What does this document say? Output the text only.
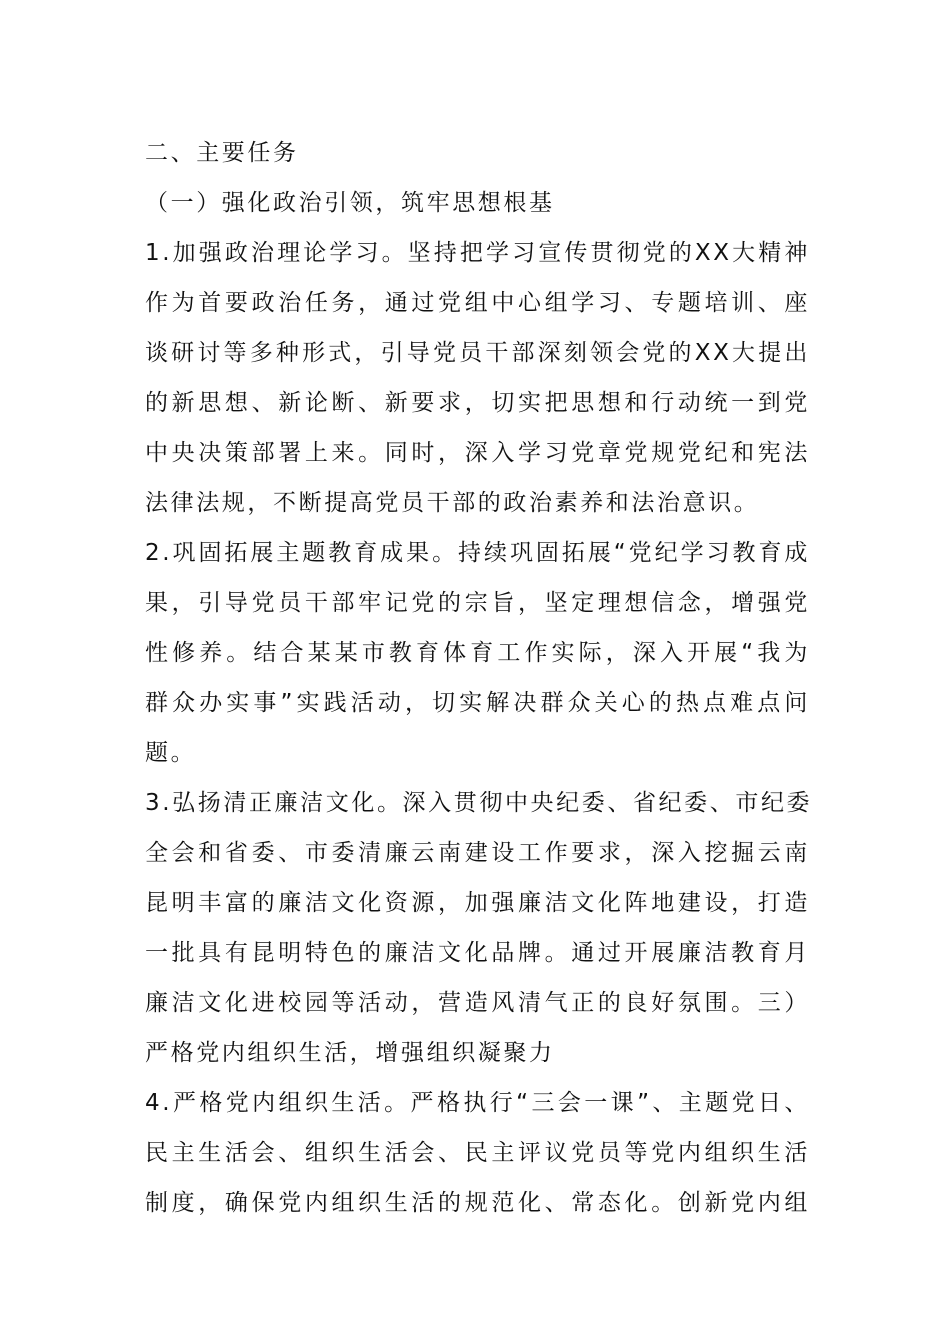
二、主要任务
（一）强化政治引领，筑牢思想根基
1.加强政治理论学习。坚持把学习宣传贯彻党的XX大精神
作为首要政治任务，通过党组中心组学习、专题培训、座
谈研讨等多种形式，引导党员干部深刻领会党的XX大提出
的新思想、新论断、新要求，切实把思想和行动统一到党
中央决策部署上来。同时，深入学习党章党规党纪和宪法
法律法规，不断提高党员干部的政治素养和法治意识。
2.巩固拓展主题教育成果。持续巩固拓展“党纪学习教育成
果，引导党员干部牢记党的宗旨，坚定理想信念，增强党
性修养。结合某某市教育体育工作实际，深入开展“我为
群众办实事”实践活动，切实解决群众关心的热点难点问
题。
3.弘扬清正廉洁文化。深入贯彻中央纪委、省纪委、市纪委
全会和省委、市委清廉云南建设工作要求，深入挖掘云南
昆明丰富的廉洁文化资源，加强廉洁文化阵地建设，打造
一批具有昆明特色的廉洁文化品牌。通过开展廉洁教育月
廉洁文化进校园等活动，营造风清气正的良好氛围。三）
严格党内组织生活，增强组织凝聚力
4.严格党内组织生活。严格执行“三会一课”、主题党日、
民主生活会、组织生活会、民主评议党员等党内组织生活
制度，确保党内组织生活的规范化、常态化。创新党内组
